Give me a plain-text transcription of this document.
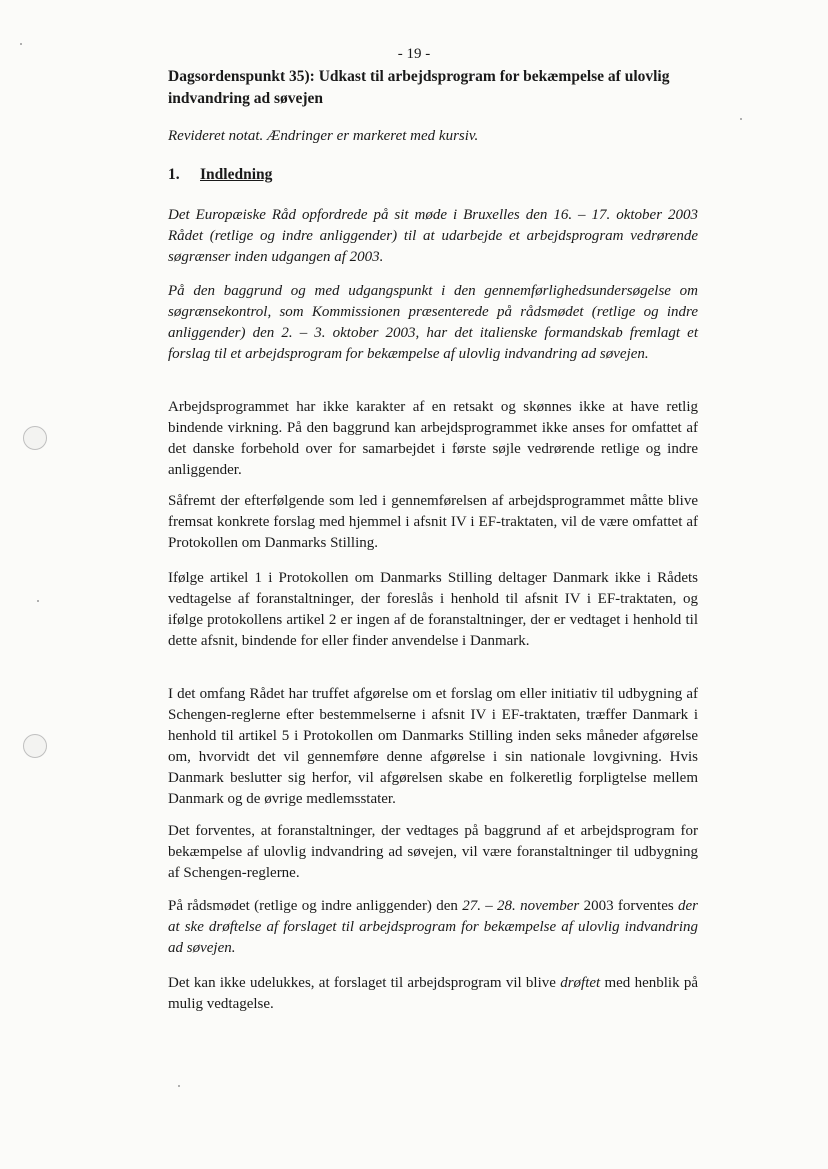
- 19 -
Dagsordenspunkt 35): Udkast til arbejdsprogram for bekæmpelse af ulovlig indvandring ad søvejen

Revideret notat. Ændringer er markeret med kursiv.

1. Indledning

Det Europæiske Råd opfordrede på sit møde i Bruxelles den 16. – 17. oktober 2003 Rådet (retlige og indre anliggender) til at udarbejde et arbejdsprogram vedrørende søgrænser inden udgangen af 2003.

På den baggrund og med udgangspunkt i den gennemførlighedsundersøgelse om søgrænsekontrol, som Kommissionen præsenterede på rådsmødet (retlige og indre anliggender) den 2. – 3. oktober 2003, har det italienske formandskab fremlagt et forslag til et arbejdsprogram for bekæmpelse af ulovlig indvandring ad søvejen.

Arbejdsprogrammet har ikke karakter af en retsakt og skønnes ikke at have retlig bindende virkning. På den baggrund kan arbejdsprogrammet ikke anses for omfattet af det danske forbehold over for samarbejdet i første søjle vedrørende retlige og indre anliggender.

Såfremt der efterfølgende som led i gennemførelsen af arbejdsprogrammet måtte blive fremsat konkrete forslag med hjemmel i afsnit IV i EF-traktaten, vil de være omfattet af Protokollen om Danmarks Stilling.

Ifølge artikel 1 i Protokollen om Danmarks Stilling deltager Danmark ikke i Rådets vedtagelse af foranstaltninger, der foreslås i henhold til afsnit IV i EF-traktaten, og ifølge protokollens artikel 2 er ingen af de foranstaltninger, der er vedtaget i henhold til dette afsnit, bindende for eller finder anvendelse i Danmark.

I det omfang Rådet har truffet afgørelse om et forslag om eller initiativ til udbygning af Schengen-reglerne efter bestemmelserne i afsnit IV i EF-traktaten, træffer Danmark i henhold til artikel 5 i Protokollen om Danmarks Stilling inden seks måneder afgørelse om, hvorvidt det vil gennemføre denne afgørelse i sin nationale lovgivning. Hvis Danmark beslutter sig herfor, vil afgørelsen skabe en folkeretlig forpligtelse mellem Danmark og de øvrige medlemsstater.

Det forventes, at foranstaltninger, der vedtages på baggrund af et arbejdsprogram for bekæmpelse af ulovlig indvandring ad søvejen, vil være foranstaltninger til udbygning af Schengen-reglerne.

På rådsmødet (retlige og indre anliggender) den 27. – 28. november 2003 forventes der at ske drøftelse af forslaget til arbejdsprogram for bekæmpelse af ulovlig indvandring ad søvejen.

Det kan ikke udelukkes, at forslaget til arbejdsprogram vil blive drøftet med henblik på mulig vedtagelse.
